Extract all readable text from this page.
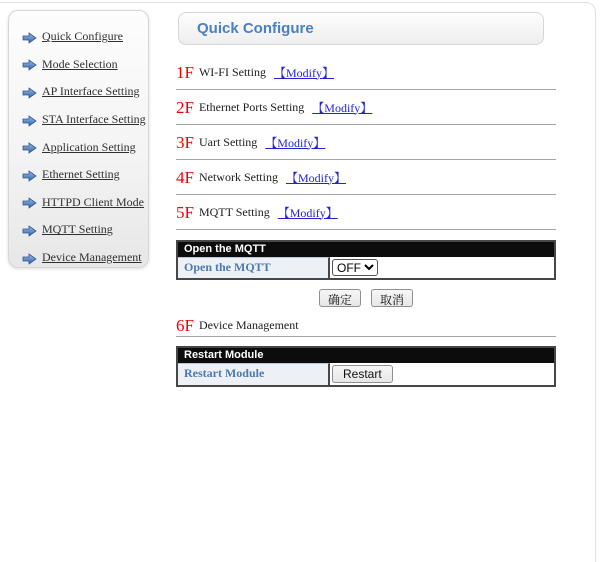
Quick Configure
Mode Selection
AP Interface Setting
STA Interface Setting
Application Setting
Ethernet Setting
HTTPD Client Mode
MQTT Setting
Device Management
Quick Configure
1F WI-FI Setting 【Modify】
2F Ethernet Ports Setting 【Modify】
3F Uart Setting 【Modify】
4F Network Setting 【Modify】
5F MQTT Setting 【Modify】
Open the MQTT
Open the MQTT
OFF
确定	取消
6F Device Management
Restart Module
Restart Module	Restart
